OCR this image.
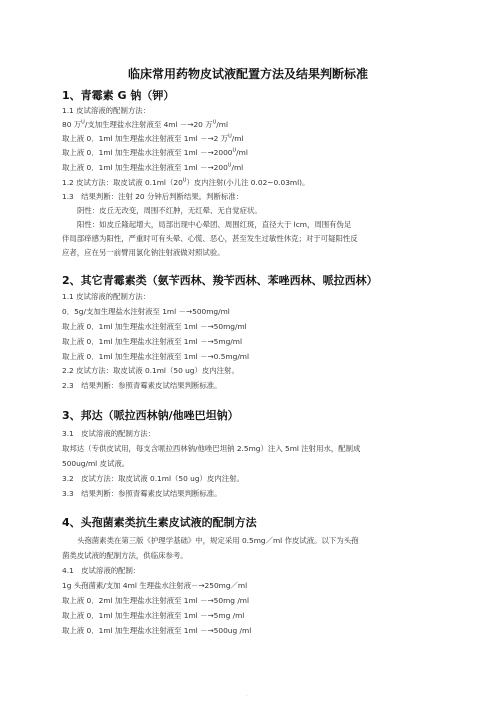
临床常用药物皮试液配置方法及结果判断标准
1、青霉素 G 钠（钾）
1.1 皮试溶液的配制方法：
80 万$^U$/支加生理盐水注射液至 4ml －→20 万$^U$/ml
取上液 0．1ml 加生理盐水注射液至 1ml －→2 万$^U$/ml
取上液 0．1ml 加生理盐水注射液至 $1ml -\to 2000^U/ml$
取上液 0．1ml 加生理盐水注射液至 $1ml -\to 200^U/ml$
1.2 皮试方法：取皮试液 $0.1ml(20^U)$皮内注射(小儿注 0.02~0.03ml)。
1.3　结果判断：注射 20 分钟后判断结果。判断标准：
阴性：皮丘无改变，周围不红肿，无红晕、无自觉症状。
阳性：如皮丘隆起增大，局部出现中心晕团、周围红斑，直径大于 lcm，周围有伪足
伴局部痒感为阳性，严重时可有头晕、心慌、恶心，甚至发生过敏性休克；对于可疑阳性反
应者，应在另一前臂用氯化钠注射液做对照试验。
2、其它青霉素类（氨苄西林、羧苄西林、苯唑西林、哌拉西林）
1.1 皮试溶液的配制方法：
0．5g/支加生理盐水注射液至 1ml －→500mg/ml
取上液 0．1ml 加生理盐水注射液至 1ml －→50mg/ml
取上液 0．1ml 加生理盐水注射液至 1ml －→5mg/ml
取上液 0．1ml 加生理盐水注射液至 1ml －→0.5mg/ml
2.2 皮试方法：取皮试液 0.1ml（50 ug）皮内注射。
2.3　结果判断：参照青霉素皮试结果判断标准。
3、邦达（哌拉西林钠/他唑巴坦钠）
3.1　皮试溶液的配制方法：
取邦达（专供皮试用，每支含哌拉西林钠/他唑巴坦钠 2.5mg）注入 5ml 注射用水，配制成
500ug/ml 皮试液。
3.2　皮试方法：取皮试液 0.1ml（50 ug）皮内注射。
3.3　结果判断：参照青霉素皮试结果判断标准。
4、头孢菌素类抗生素皮试液的配制方法
头孢菌素类在第三版《护理学基础》中，规定采用 0.5mg／ml 作皮试液。以下为头孢
菌类皮试液的配制方法，供临床参考。
4.1　皮试溶液的配制：
1g 头孢菌素/支加 4ml 生理盐水注射液－→250mg／ml
取上液 0．2ml 加生理盐水注射液至 1ml －→50mg /ml
取上液 0．1ml 加生理盐水注射液至 1ml －→5mg /ml
取上液 0．1ml 加生理盐水注射液至 1ml －→500ug /ml
.
